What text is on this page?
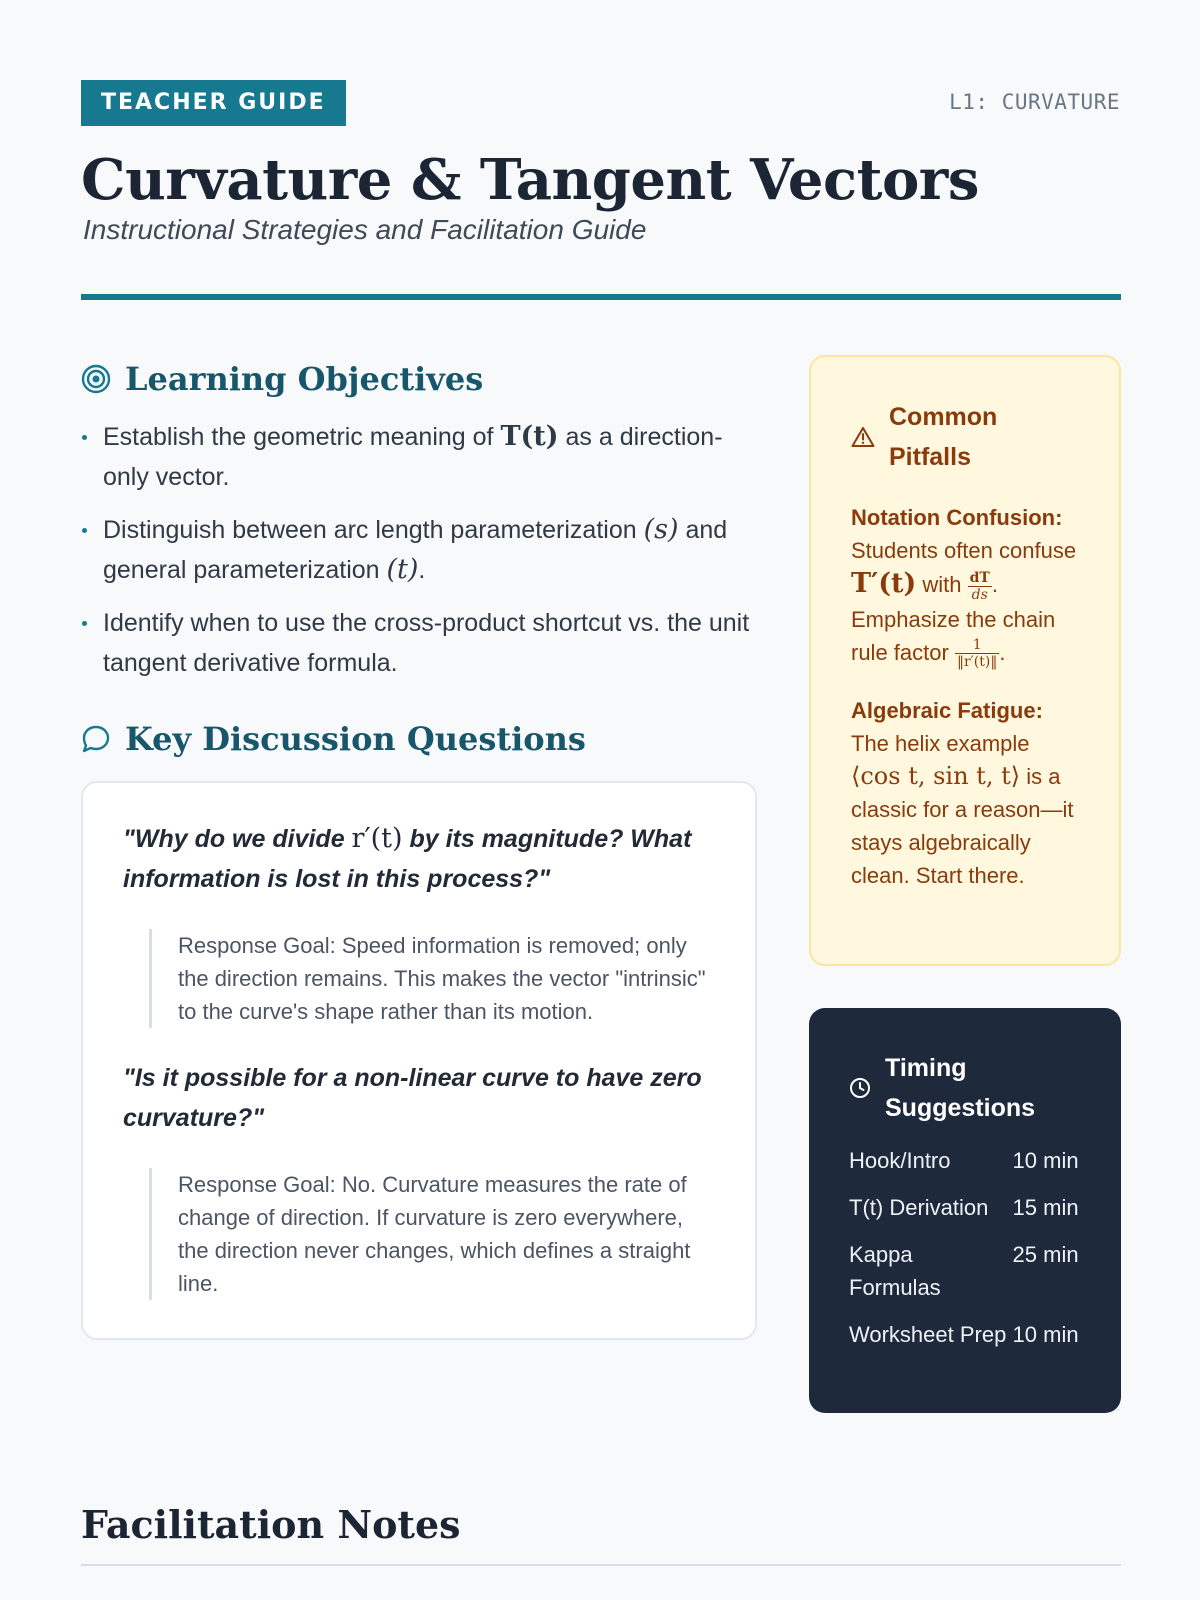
TEACHER GUIDE	L1: CURVATURE
Curvature & Tangent Vectors
Instructional Strategies and Facilitation Guide
Learning Objectives
Establish the geometric meaning of T(t) as a direction-only vector.
Distinguish between arc length parameterization (s) and general parameterization (t).
Identify when to use the cross-product shortcut vs. the unit tangent derivative formula.
Key Discussion Questions
"Why do we divide r′(t) by its magnitude? What information is lost in this process?"
Response Goal: Speed information is removed; only the direction remains. This makes the vector "intrinsic" to the curve's shape rather than its motion.
"Is it possible for a non-linear curve to have zero curvature?"
Response Goal: No. Curvature measures the rate of change of direction. If curvature is zero everywhere, the direction never changes, which defines a straight line.
Common Pitfalls
Notation Confusion: Students often confuse T′(t) with $\frac{dT}{ds}$ . Emphasize the chain rule factor $\frac{1}{‖r'(t)‖}$ .
Algebraic Fatigue: The helix example ⟨cos t, sin t, t⟩ is a classic for a reason—it stays algebraically clean. Start there.
Timing Suggestions
Hook/Intro	10 min
T(t) Derivation	15 min
Kappa Formulas	25 min
Worksheet Prep	10 min
Facilitation Notes
